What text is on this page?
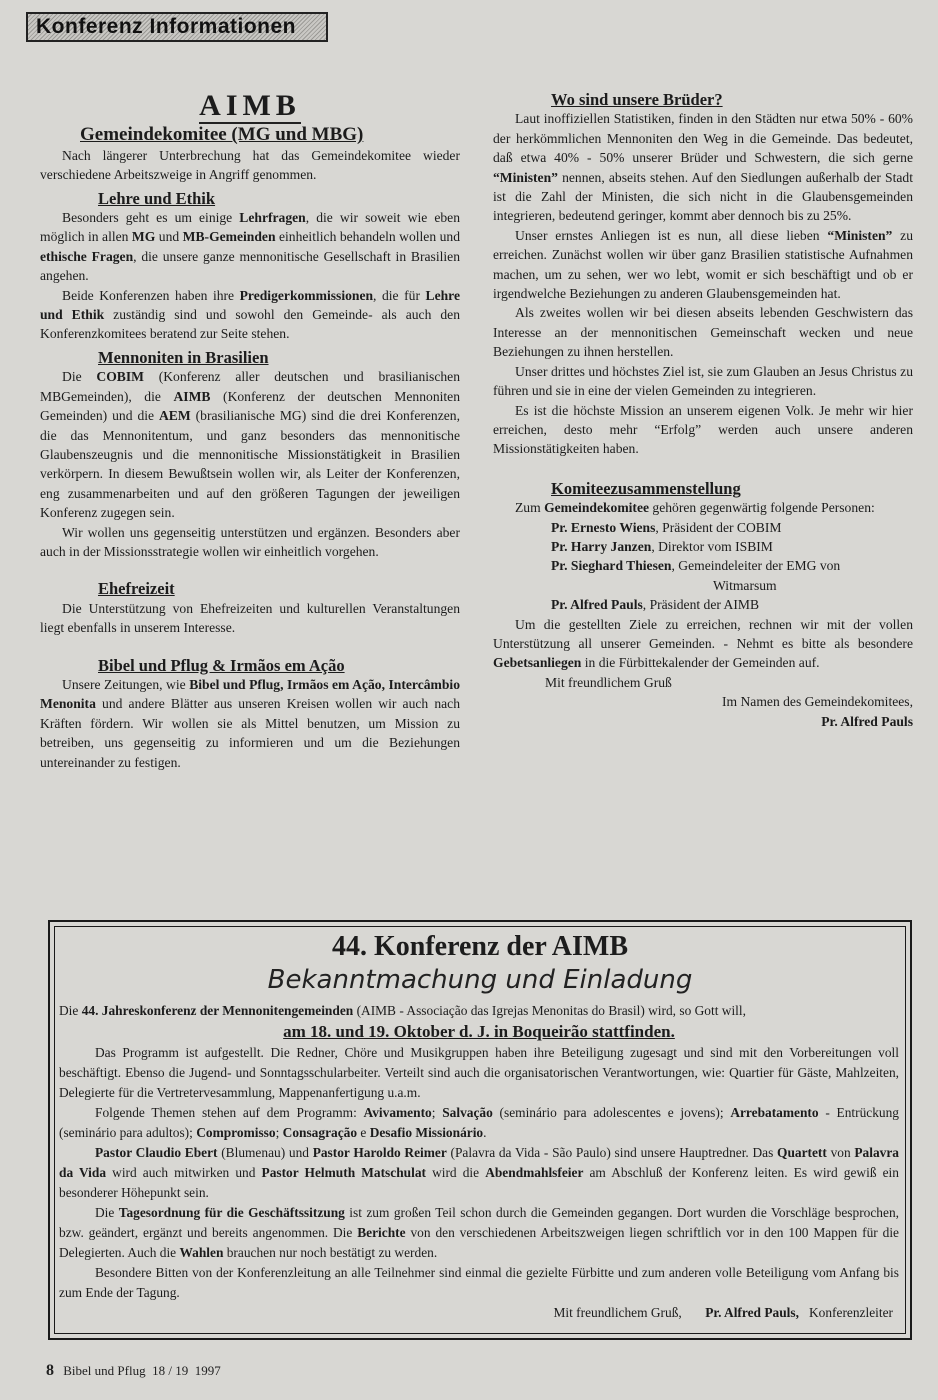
Konferenz Informationen
AIMB
Gemeindekomitee (MG und MBG)

Nach längerer Unterbrechung hat das Gemeindekomitee wieder verschiedene Arbeitszweige in Angriff genommen.

Lehre und Ethik

Besonders geht es um einige Lehrfragen, die wir soweit wie eben möglich in allen MG und MB-Gemeinden einheitlich behandeln wollen und ethische Fragen, die unsere ganze mennonitische Gesellschaft in Brasilien angehen.

Beide Konferenzen haben ihre Predigerkommissionen, die für Lehre und Ethik zuständig sind und sowohl den Gemeinde- als auch den Konferenzkomitees beratend zur Seite stehen.

Mennoniten in Brasilien

Die COBIM (Konferenz aller deutschen und brasilianischen MBGemeinden), die AIMB (Konferenz der deutschen Mennoniten Gemeinden) und die AEM (brasilianische MG) sind die drei Konferenzen, die das Mennonitentum, und ganz besonders das mennonitische Glaubenszeugnis und die mennonitische Missionstätigkeit in Brasilien verkörpern. In diesem Bewußtsein wollen wir, als Leiter der Konferenzen, eng zusammenarbeiten und auf den größeren Tagungen der jeweiligen Konferenz zugegen sein.

Wir wollen uns gegenseitig unterstützen und ergänzen. Besonders aber auch in der Missionsstrategie wollen wir einheitlich vorgehen.

Ehefreizeit

Die Unterstützung von Ehefreizeiten und kulturellen Veranstaltungen liegt ebenfalls in unserem Interesse.

Bibel und Pflug & Irmãos em Ação

Unsere Zeitungen, wie Bibel und Pflug, Irmãos em Ação, Intercâmbio Menonita und andere Blätter aus unseren Kreisen wollen wir auch nach Kräften fördern. Wir wollen sie als Mittel benutzen, um Mission zu betreiben, uns gegenseitig zu informieren und um die Beziehungen untereinander zu festigen.

Wo sind unsere Brüder?

Laut inoffiziellen Statistiken, finden in den Städten nur etwa 50% - 60% der herkömmlichen Mennoniten den Weg in die Gemeinde. Das bedeutet, daß etwa 40% - 50% unserer Brüder und Schwestern, die sich gerne “Ministen” nennen, abseits stehen. Auf den Siedlungen außerhalb der Stadt ist die Zahl der Ministen, die sich nicht in die Glaubensgemeinden integrieren, bedeutend geringer, kommt aber dennoch bis zu 25%.

Unser ernstes Anliegen ist es nun, all diese lieben “Ministen” zu erreichen. Zunächst wollen wir über ganz Brasilien statistische Aufnahmen machen, um zu sehen, wer wo lebt, womit er sich beschäftigt und ob er irgendwelche Beziehungen zu anderen Glaubensgemeinden hat.

Als zweites wollen wir bei diesen abseits lebenden Geschwistern das Interesse an der mennonitischen Gemeinschaft wecken und neue Beziehungen zu ihnen herstellen.

Unser drittes und höchstes Ziel ist, sie zum Glauben an Jesus Christus zu führen und sie in eine der vielen Gemeinden zu integrieren.

Es ist die höchste Mission an unserem eigenen Volk. Je mehr wir hier erreichen, desto mehr “Erfolg” werden auch unsere anderen Missionstätigkeiten haben.

Komiteezusammenstellung

Zum Gemeindekomitee gehören gegenwärtig folgende Personen:

Pr. Ernesto Wiens, Präsident der COBIM
Pr. Harry Janzen, Direktor vom ISBIM
Pr. Sieghard Thiesen, Gemeindeleiter der EMG von
Witmarsum
Pr. Alfred Pauls, Präsident der AIMB

Um die gestellten Ziele zu erreichen, rechnen wir mit der vollen Unterstützung all unserer Gemeinden. - Nehmt es bitte als besondere Gebetsanliegen in die Fürbittekalender der Gemeinden auf.

Mit freundlichem Gruß
Im Namen des Gemeindekomitees,
Pr. Alfred Pauls
44. Konferenz der AIMB
Bekanntmachung und Einladung

Die 44. Jahreskonferenz der Mennonitengemeinden (AIMB - Associação das Igrejas Menonitas do Brasil) wird, so Gott will,

am 18. und 19. Oktober d. J. in Boqueirão stattfinden.

Das Programm ist aufgestellt. Die Redner, Chöre und Musikgruppen haben ihre Beteiligung zugesagt und sind mit den Vorbereitungen voll beschäftigt. Ebenso die Jugend- und Sonntagsschularbeiter. Verteilt sind auch die organisatorischen Verantwortungen, wie: Quartier für Gäste, Mahlzeiten, Delegierte für die Vertretervesammlung, Mappenanfertigung u.a.m.

Folgende Themen stehen auf dem Programm: Avivamento; Salvação (seminário para adolescentes e jovens); Arrebatamento - Entrückung (seminário para adultos); Compromisso; Consagração e Desafio Missionário.

Pastor Claudio Ebert (Blumenau) und Pastor Haroldo Reimer (Palavra da Vida - São Paulo) sind unsere Hauptredner. Das Quartett von Palavra da Vida wird auch mitwirken und Pastor Helmuth Matschulat wird die Abendmahlsfeier am Abschluß der Konferenz leiten. Es wird gewiß ein besonderer Höhepunkt sein.

Die Tagesordnung für die Geschäftssitzung ist zum großen Teil schon durch die Gemeinden gegangen. Dort wurden die Vorschläge besprochen, bzw. geändert, ergänzt und bereits angenommen. Die Berichte von den verschiedenen Arbeitszweigen liegen schriftlich vor in den 100 Mappen für die Delegierten. Auch die Wahlen brauchen nur noch bestätigt zu werden.

Besondere Bitten von der Konferenzleitung an alle Teilnehmer sind einmal die gezielte Fürbitte und zum anderen volle Beteiligung vom Anfang bis zum Ende der Tagung.

Mit freundlichem Gruß, Pr. Alfred Pauls, Konferenzleiter
8 Bibel und Pflug 18 / 19 1997
